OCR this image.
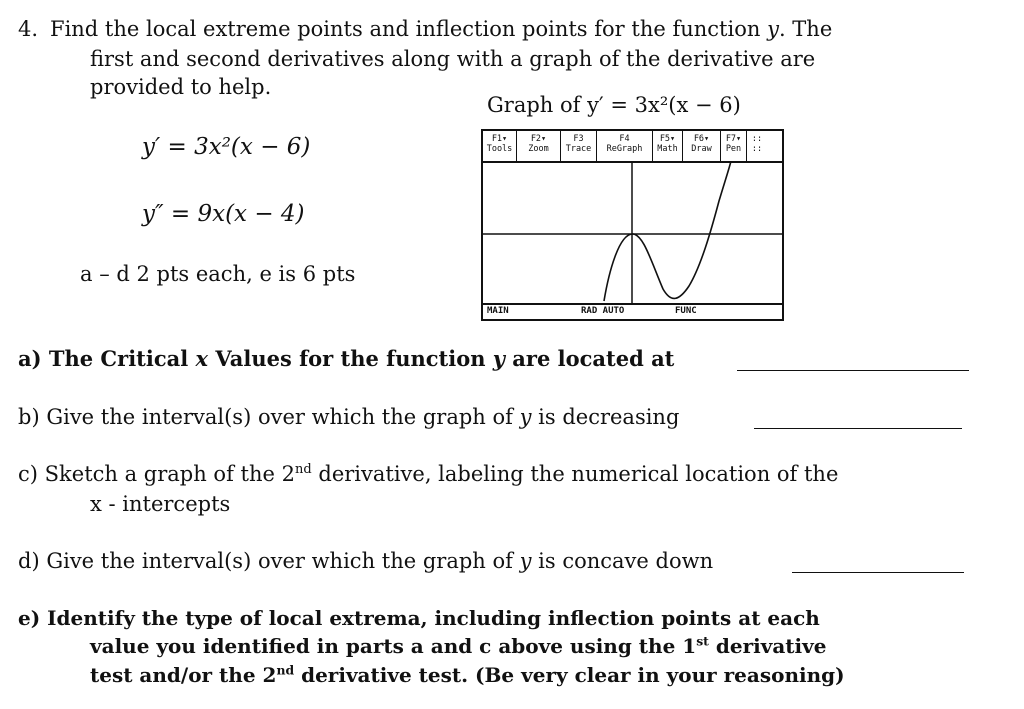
4. Find the local extreme points and inflection points for the function y. The
first and second derivatives along with a graph of the derivative are
provided to help.
y′ = 3x²(x − 6)
y″ = 9x(x − 4)
a – d 2 pts each, e is 6 pts
Graph of y′ = 3x²(x − 6)
F1▾
Tools
F2▾
Zoom
F3
Trace
F4
ReGraph
F5▾
Math
F6▾
Draw
F7▾
Pen
::
::
MAIN	RAD AUTO	FUNC
a) The Critical x Values for the function y are located at
b) Give the interval(s) over which the graph of y is decreasing
c) Sketch a graph of the 2nd derivative, labeling the numerical location of the
x - intercepts
d) Give the interval(s) over which the graph of y is concave down
e) Identify the type of local extrema, including inflection points at each
value you identified in parts a and c above using the 1st derivative
test and/or the 2nd derivative test. (Be very clear in your reasoning)
